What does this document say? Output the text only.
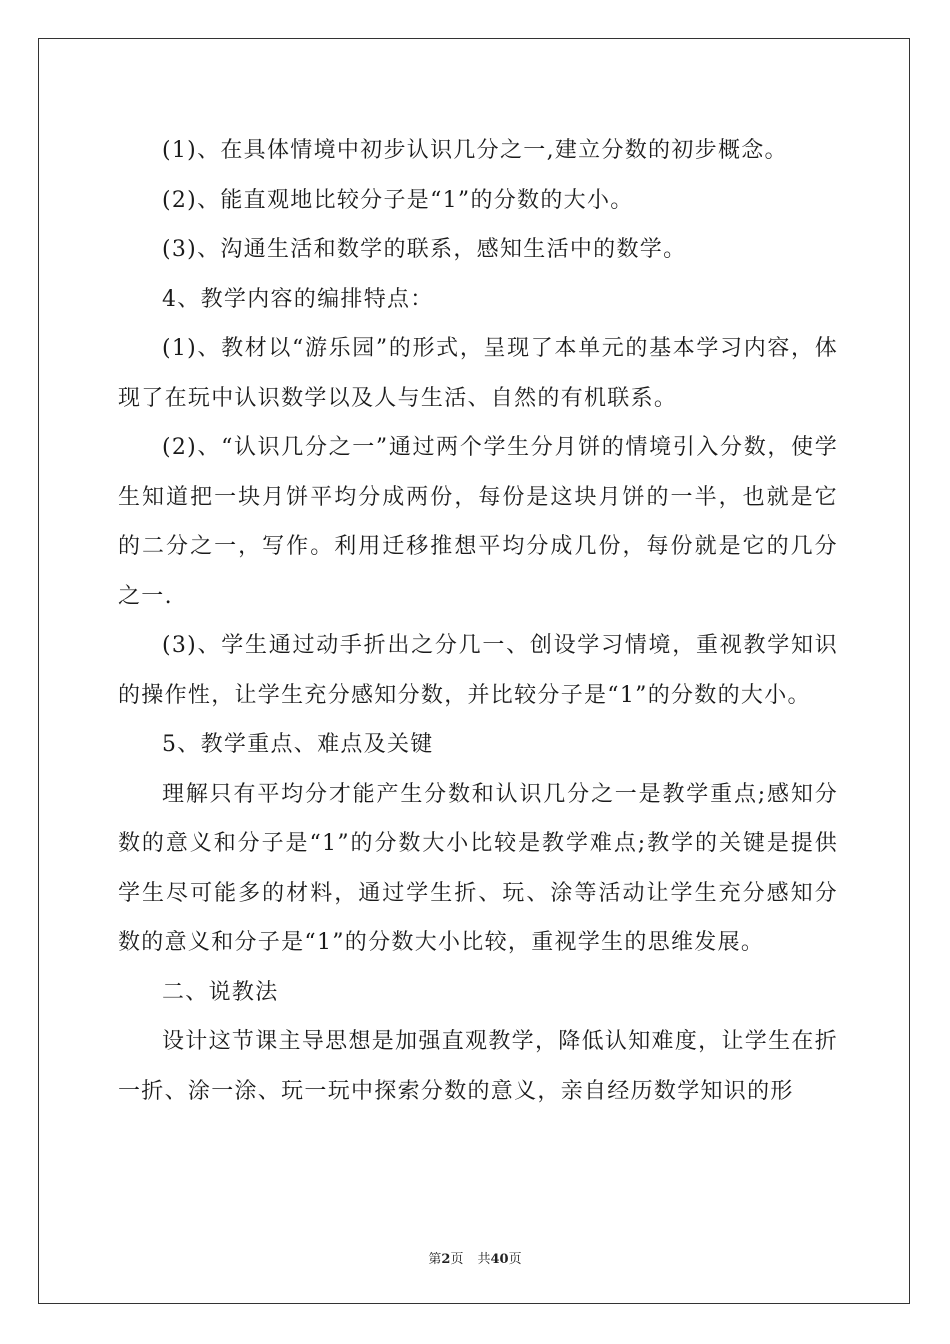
(1)、在具体情境中初步认识几分之一,建立分数的初步概念。

(2)、能直观地比较分子是“1”的分数的大小。

(3)、沟通生活和数学的联系，感知生活中的数学。

4、教学内容的编排特点：

(1)、教材以“游乐园”的形式，呈现了本单元的基本学习内容，体现了在玩中认识数学以及人与生活、自然的有机联系。

(2)、“认识几分之一”通过两个学生分月饼的情境引入分数，使学生知道把一块月饼平均分成两份，每份是这块月饼的一半，也就是它的二分之一，写作。利用迁移推想平均分成几份，每份就是它的几分之一.

(3)、学生通过动手折出之分几一、创设学习情境，重视教学知识的操作性，让学生充分感知分数，并比较分子是“1”的分数的大小。

5、教学重点、难点及关键

理解只有平均分才能产生分数和认识几分之一是教学重点;感知分数的意义和分子是“1”的分数大小比较是教学难点;教学的关键是提供学生尽可能多的材料，通过学生折、玩、涂等活动让学生充分感知分数的意义和分子是“1”的分数大小比较，重视学生的思维发展。

二、说教法

设计这节课主导思想是加强直观教学，降低认知难度，让学生在折一折、涂一涂、玩一玩中探索分数的意义，亲自经历数学知识的形

第2页 共40页
